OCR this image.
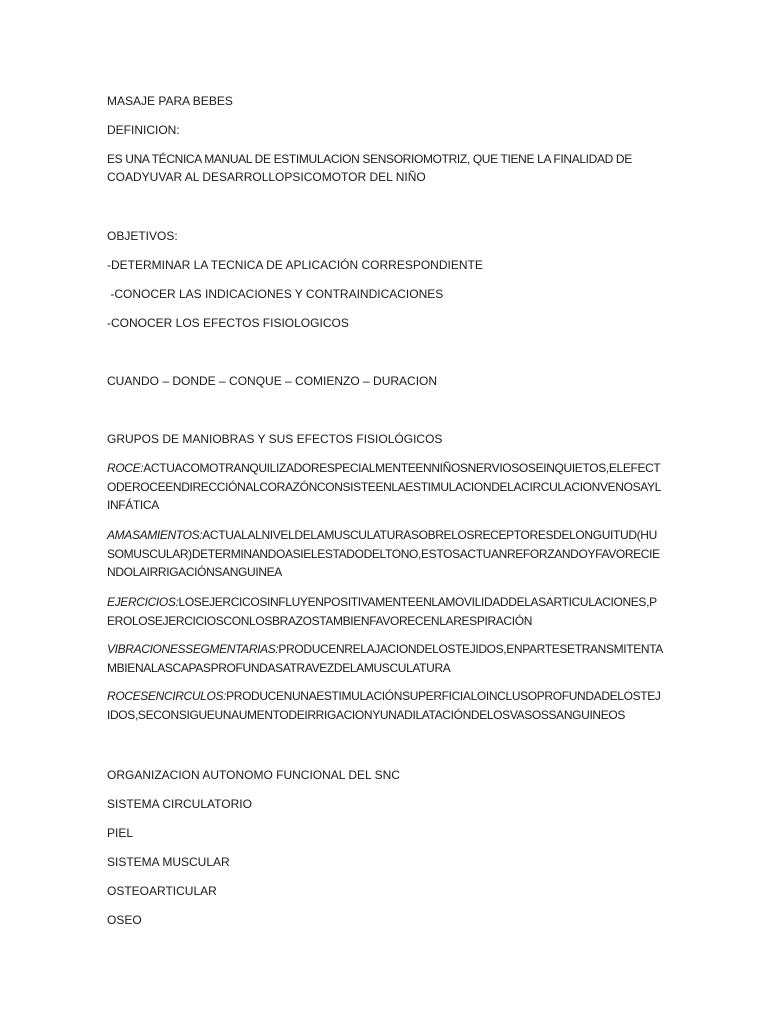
MASAJE PARA BEBES
DEFINICION:
ES UNA TÉCNICA MANUAL DE ESTIMULACION SENSORIOMOTRIZ, QUE TIENE LA FINALIDAD DE
COADYUVAR AL DESARROLLOPSICOMOTOR DEL NIÑO
OBJETIVOS:
-DETERMINAR LA TECNICA DE APLICACIÓN CORRESPONDIENTE
-CONOCER LAS INDICACIONES Y CONTRAINDICACIONES
-CONOCER LOS EFECTOS FISIOLOGICOS
CUANDO – DONDE – CONQUE – COMIENZO – DURACION
GRUPOS DE MANIOBRAS Y SUS EFECTOS FISIOLÓGICOS
ROCE:ACTUACOMOTRANQUILIZADORESPECIALMENTEENNIÑOSNERVIOSOSEINQUIETOS,ELEFECTODEROCEENDIRECCIÓNALCORAZÓNCONSISTEENLAESTIMULACIONDELACIRCULACIONVENOSAYLINFÁTICA
AMASAMIENTOS:ACTUALALNIVELDELAMUSCULATURASOBRELOSRECEPTORESDELONGUITUD(HUSOMUSCULAR)DETERMINANDOASIELESTADODELTONO,ESTOSACTUANREFORZANDOYFAVORECIENDOLAIRRIGACIÓNSANGUINEA
EJERCICIOS:LOSEJERCICOSINFLUYENPOSITIVAMENTEENLAMOVILIDADDELASARTICULACIONES,PEROLOSEJERCICIOSCONLOSBRAZOSTAMBIENFAVORECENLARESPIRACIÓN
VIBRACIONESSEGMENTARIAS:PRODUCENRELAJACIONDELOSTEJIDOS,ENPARTESETRANSMITENTAMBIENALASCAPASPROFUNDASATRAVEZDELAMUSCULATURA
ROCESENCIRCULOS:PRODUCENUNAESTIMULACIÓNSUPERFICIALOINCLUSOPROFUNDADELOSTEJIDOS,SECONSIGUEUNAUMENTODEIRRIGACIONYUNADILATACIÓNDELOSVASOSSANGUINEOS
ORGANIZACION AUTONOMO FUNCIONAL DEL SNC
SISTEMA CIRCULATORIO
PIEL
SISTEMA MUSCULAR
OSTEOARTICULAR
OSEO
